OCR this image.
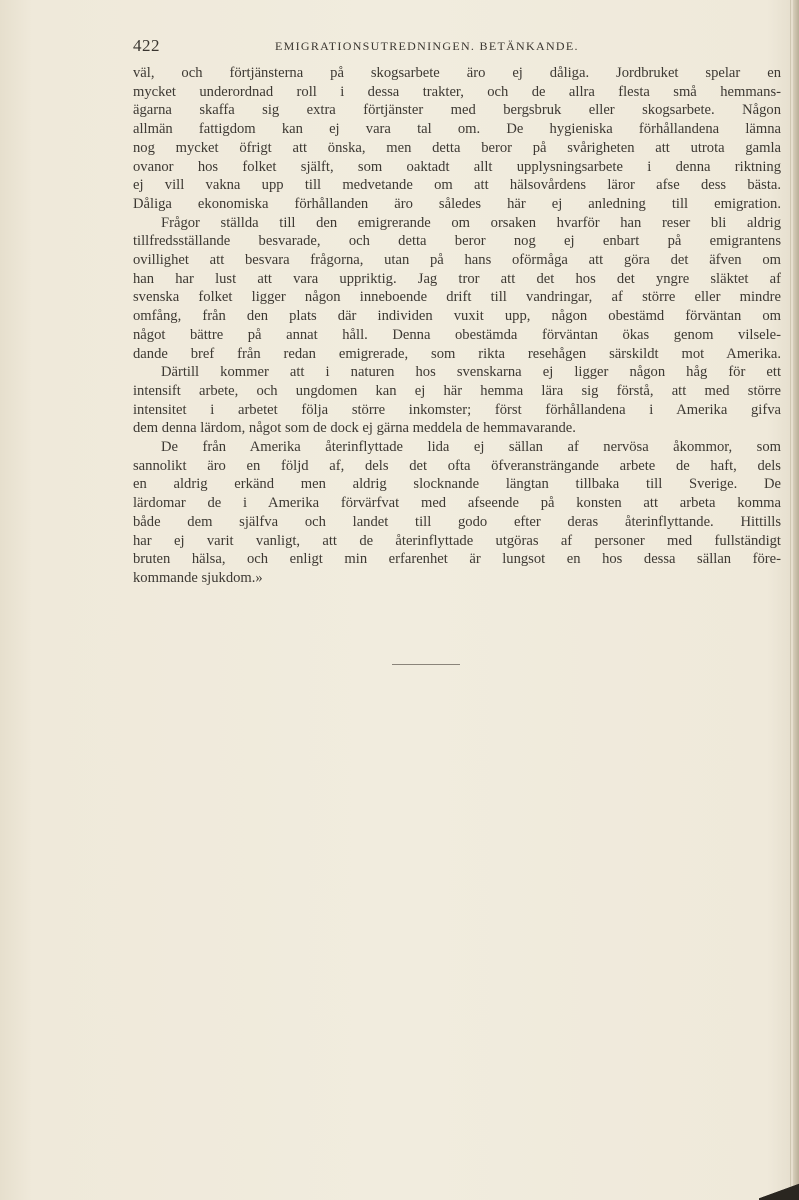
422	EMIGRATIONSUTREDNINGEN. BETÄNKANDE.

väl, och förtjänsterna på skogsarbete äro ej dåliga. Jordbruket spelar en

mycket underordnad roll i dessa trakter, och de allra flesta små hemmans-

ägarna skaffa sig extra förtjänster med bergsbruk eller skogsarbete. Någon

allmän fattigdom kan ej vara tal om. De hygieniska förhållandena lämna

nog mycket öfrigt att önska, men detta beror på svårigheten att utrota gamla

ovanor hos folket själft, som oaktadt allt upplysningsarbete i denna riktning

ej vill vakna upp till medvetande om att hälsovårdens läror afse dess bästa.

Dåliga ekonomiska förhållanden äro således här ej anledning till emigration.

Frågor ställda till den emigrerande om orsaken hvarför han reser bli aldrig

tillfredsställande besvarade, och detta beror nog ej enbart på emigrantens

ovillighet att besvara frågorna, utan på hans oförmåga att göra det äfven om

han har lust att vara uppriktig. Jag tror att det hos det yngre släktet af

svenska folket ligger någon inneboende drift till vandringar, af större eller mindre

omfång, från den plats där individen vuxit upp, någon obestämd förväntan om

något bättre på annat håll. Denna obestämda förväntan ökas genom vilsele-

dande bref från redan emigrerade, som rikta resehågen särskildt mot Amerika.

Därtill kommer att i naturen hos svenskarna ej ligger någon håg för ett

intensift arbete, och ungdomen kan ej här hemma lära sig förstå, att med större

intensitet i arbetet följa större inkomster; först förhållandena i Amerika gifva

dem denna lärdom, något som de dock ej gärna meddela de hemmavarande.

De från Amerika återinflyttade lida ej sällan af nervösa åkommor, som

sannolikt äro en följd af, dels det ofta öfveransträngande arbete de haft, dels

en aldrig erkänd men aldrig slocknande längtan tillbaka till Sverige. De

lärdomar de i Amerika förvärfvat med afseende på konsten att arbeta komma

både dem själfva och landet till godo efter deras återinflyttande. Hittills

har ej varit vanligt, att de återinflyttade utgöras af personer med fullständigt

bruten hälsa, och enligt min erfarenhet är lungsot en hos dessa sällan före-

kommande sjukdom.»
